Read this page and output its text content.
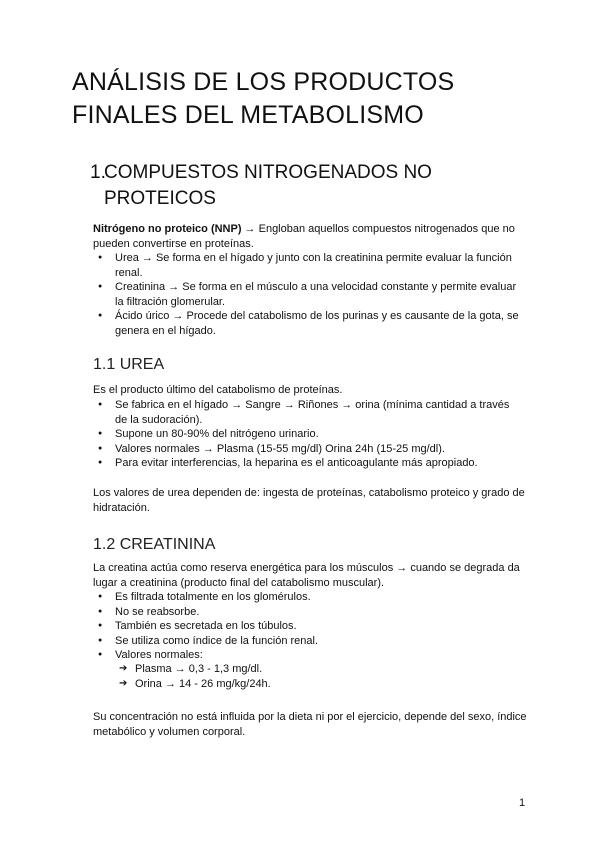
ANÁLISIS DE LOS PRODUCTOS FINALES DEL METABOLISMO
1.
COMPUESTOS NITROGENADOS NO PROTEICOS

Nitrógeno no proteico (NNP) → Engloban aquellos compuestos nitrogenados que no pueden convertirse en proteínas.

● Urea → Se forma en el hígado y junto con la creatinina permite evaluar la función renal.
● Creatinina → Se forma en el músculo a una velocidad constante y permite evaluar la filtración glomerular.
● Ácido úrico → Procede del catabolismo de los purinas y es causante de la gota, se genera en el hígado.
1.1 UREA

Es el producto último del catabolismo de proteínas.

● Se fabrica en el hígado → Sangre → Riñones → orina (mínima cantidad a través de la sudoración).
● Supone un 80-90% del nitrógeno urinario.
● Valores normales → Plasma (15-55 mg/dl) Orina 24h (15-25 mg/dl).
● Para evitar interferencias, la heparina es el anticoagulante más apropiado.

Los valores de urea dependen de: ingesta de proteínas, catabolismo proteico y grado de hidratación.

1.2 CREATININA

La creatina actúa como reserva energética para los músculos → cuando se degrada da lugar a creatinina (producto final del catabolismo muscular).

● Es filtrada totalmente en los glomérulos.
● No se reabsorbe.
● También es secretada en los túbulos.
● Se utiliza como índice de la función renal.
● Valores normales:
➔ Plasma → 0,3 - 1,3 mg/dl.
➔ Orina → 14 - 26 mg/kg/24h.

Su concentración no está influida por la dieta ni por el ejercicio, depende del sexo, índice metabólico y volumen corporal.

1
